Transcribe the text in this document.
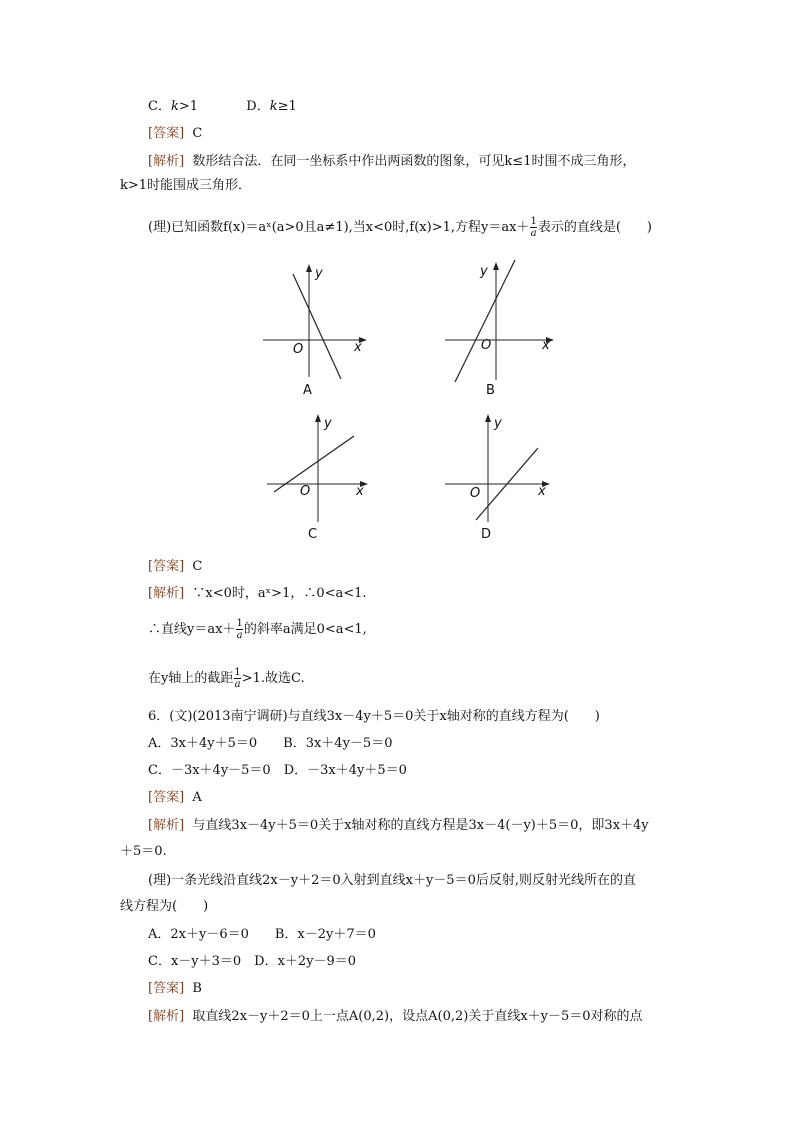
C．k>1	D．k≥1
[答案] C
[解析] 数形结合法．在同一坐标系中作出两函数的图象，可见k≤1时围不成三角形，
k>1时能围成三角形．
(理)已知函数f(x)＝aˣ(a>0且a≠1),当x<0时,f(x)>1,方程$y=ax+ \frac{1}{a}$ 表示的直线是(　　)
y
x
O
A
y
x
O
B
y
x
O
C
y
x
O
D
[答案] C
[解析] ∵x<0时，aˣ>1，∴0<a<1.
∴直线$y=ax+ \frac{1}{a}$ 的斜率a满足0<a<1,
在y轴上的截距 $\frac{1}{a} >1$.故选C.
6．(文)(2013南宁调研)与直线3x－4y＋5＝0关于x轴对称的直线方程为(　　)
A．3x＋4y＋5＝0　　B．3x＋4y－5＝0
C．－3x＋4y－5＝0　D．－3x＋4y＋5＝0
[答案] A
[解析] 与直线3x－4y＋5＝0关于x轴对称的直线方程是3x－4(－y)＋5＝0，即3x＋4y
＋5＝0.
(理)一条光线沿直线2x－y＋2＝0入射到直线x＋y－5＝0后反射,则反射光线所在的直
线方程为(　　)
A．2x＋y－6＝0　　B．x－2y＋7＝0
C．x－y＋3＝0　D．x＋2y－9＝0
[答案] B
[解析] 取直线2x－y＋2＝0上一点A(0,2)，设点A(0,2)关于直线x＋y－5＝0对称的点
